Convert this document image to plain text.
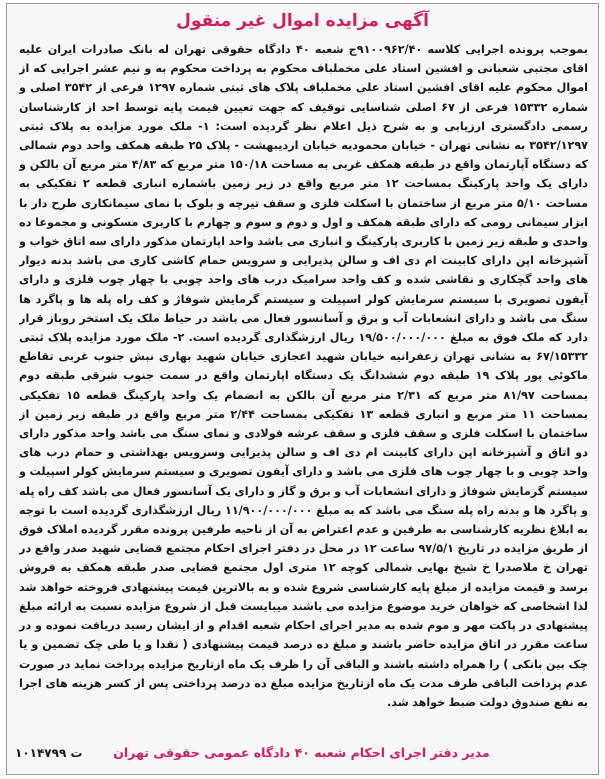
آگهی مزایده اموال غیر منقول
بموجب پرونده اجرایی کلاسه ۹۱۰۰۹۶۲/۴۰ج شعبه ۴۰ دادگاه حقوقی تهران له بانک صادرات ایران علیه اقای مجتبی شعبانی و افشین استاد علی مخملباف محکوم به پرداخت محکوم به و نیم عشر اجرایی که از اموال محکوم علیه اقای افشین استاد علی مخملباف پلاک های ثبتی شماره ۱۲۹۷ فرعی از ۳۵۴۲ اصلی و شماره ۱۵۳۳۲ فرعی از ۶۷ اصلی شناسایی توقیف که جهت تعیین قیمت پایه توسط احد از کارشناسان رسمی دادگستری ارزیابی و به شرح ذیل اعلام نظر گردیده است: ۱- ملک مورد مزایده به پلاک ثبتی ۳۵۴۲/۱۲۹۷ به نشانی تهران - خیابان محمودیه خیابان اردیبهشت - پلاک ۲۵ طبقه همکف واحد دوم شمالی که دستگاه آپارتمان واقع در طبقه همکف غربی به مساحت ۱۵۰/۱۸ متر مربع که ۴/۸۳ متر مربع آن بالکن و دارای یک واحد پارکینگ بمساحت ۱۲ متر مربع واقع در زیر زمین باشماره انباری قطعه ۲ تفکیکی به مساحت ۵/۱۰ متر مربع از ساختمان با اسکلت فلزی و سقف تیرچه و بلوک با نمای سیمانکاری طرح دار با ابزار سیمانی رومی که دارای طبقه همکف و اول و دوم و سوم و چهارم با کاربری مسکونی و مجموعا ده واحدی و طبقه زیر زمین با کاربری پارکینگ و انباری می باشد واحد اپارتمان مذکور دارای سه اتاق خواب و آشپزخانه اپن دارای کابینت ام دی اف و سالن پذیرایی و سرویس حمام کاشی کاری می باشد بدنه دیوار های واحد گچکاری و نقاشی شده و کف واحد سرامیک درب های واحد چوبی با چهار چوب فلزی و دارای آیفون تصویری با سیستم سرمایش کولر اسپیلت و سیستم گرمایش شوفاژ و کف راه پله ها و پاگرد ها سنگ می باشد و دارای انشعابات آب و برق و آسانسور فعال می باشد در حیاط ملک یک استخر روباز قرار دارد که ملک فوق به مبلغ ۱۹/۵۰۰/۰۰۰/۰۰۰ ریال ارزشگذاری گردیده است. ۲- ملک مورد مزایده پلاک ثبتی ۶۷/۱۵۳۳۲ به نشانی تهران زعفرانیه خیابان شهید اعجازی خیابان شهید بهاری نبش جنوب غربی تقاطع ماکوئی پور پلاک ۱۹ طبقه دوم ششدانگ یک دستگاه اپارتمان واقع در سمت جنوب شرقی طبقه دوم بمساحت ۸۱/۹۷ متر مربع که ۲/۳۱ متر مربع آن بالکن به انضمام یک واحد پارکینگ قطعه ۱۵ تفکیکی بمساحت ۱۱ متر مربع و انباری قطعه ۱۳ تفکیکی بمساحت ۲/۴۴ متر مربع واقع در طبقه زیر زمین از ساختمان با اسکلت فلزی و سقف فلزی و سقف عرشه فولادی و نمای سنگ می باشد واحد مذکور دارای دو اتاق و آشپزخانه اپن دارای کابینت ام دی اف و سالن پذیرایی وسرویس بهداشتی و حمام درب های واحد چوبی و با چهار چوب های فلزی می باشد و دارای آیفون تصویری و سیستم سرمایش کولر اسپیلت و سیستم گرمایش شوفاژ و دارای انشعابات آب و برق و گاز و دارای یک آسانسور فعال می باشد کف راه پله و پاگرد ها و بدنه راه پله سنگ می باشد که به مبلغ ۱۱/۹۰۰/۰۰۰/۰۰۰ ریال ارزشگذاری گردیده است با توجه به ابلاغ نظریه کارشناسی به طرفین و عدم اعتراض به آن از ناحیه طرفین پرونده مقرر گردیده املاک فوق از طریق مزایده در تاریخ ۹۷/۵/۱ ساعت ۱۲ در محل در دفتر اجرای احکام مجتمع قضایی شهید صدر واقع در تهران خ ملاصدرا خ شیخ بهایی شمالی کوچه ۱۲ متری اول مجتمع قضایی صدر طبقه همکف به فروش برسد و قیمت مزایده از مبلغ پایه کارشناسی شروع شده و به بالاترین قیمت پیشنهادی فروخته خواهد شد لذا اشخاصی که خواهان خرید موضوع مزایده می باشند میبایست قبل از شروع مزایده نسبت به ارائه مبلغ پیشنهادی در پاکت مهر و موم شده به مدیر اجرای احکام شعبه اقدام و از ایشان رسید دریافت نموده و در ساعت مقرر در اتاق مزایده حاضر باشند و مبلغ ده درصد قیمت پیشنهادی ( نقدا و یا طی چک تضمین و یا چک بین بانکی ) را همراه داشته باشند و الباقی آن را ظرف یک ماه ازتاریخ مزایده پرداخت نماید در صورت عدم پرداخت الباقی ظرف مدت یک ماه ازتاریخ مزایده مبلغ ده درصد پرداختی پس از کسر هزینه های اجرا به نفع صندوق دولت ضبط خواهد شد.
مدیر دفتر اجرای احکام شعبه ۴۰ دادگاه عمومی حقوقی تهران
۱۰۱۴۷۹۹ ت
